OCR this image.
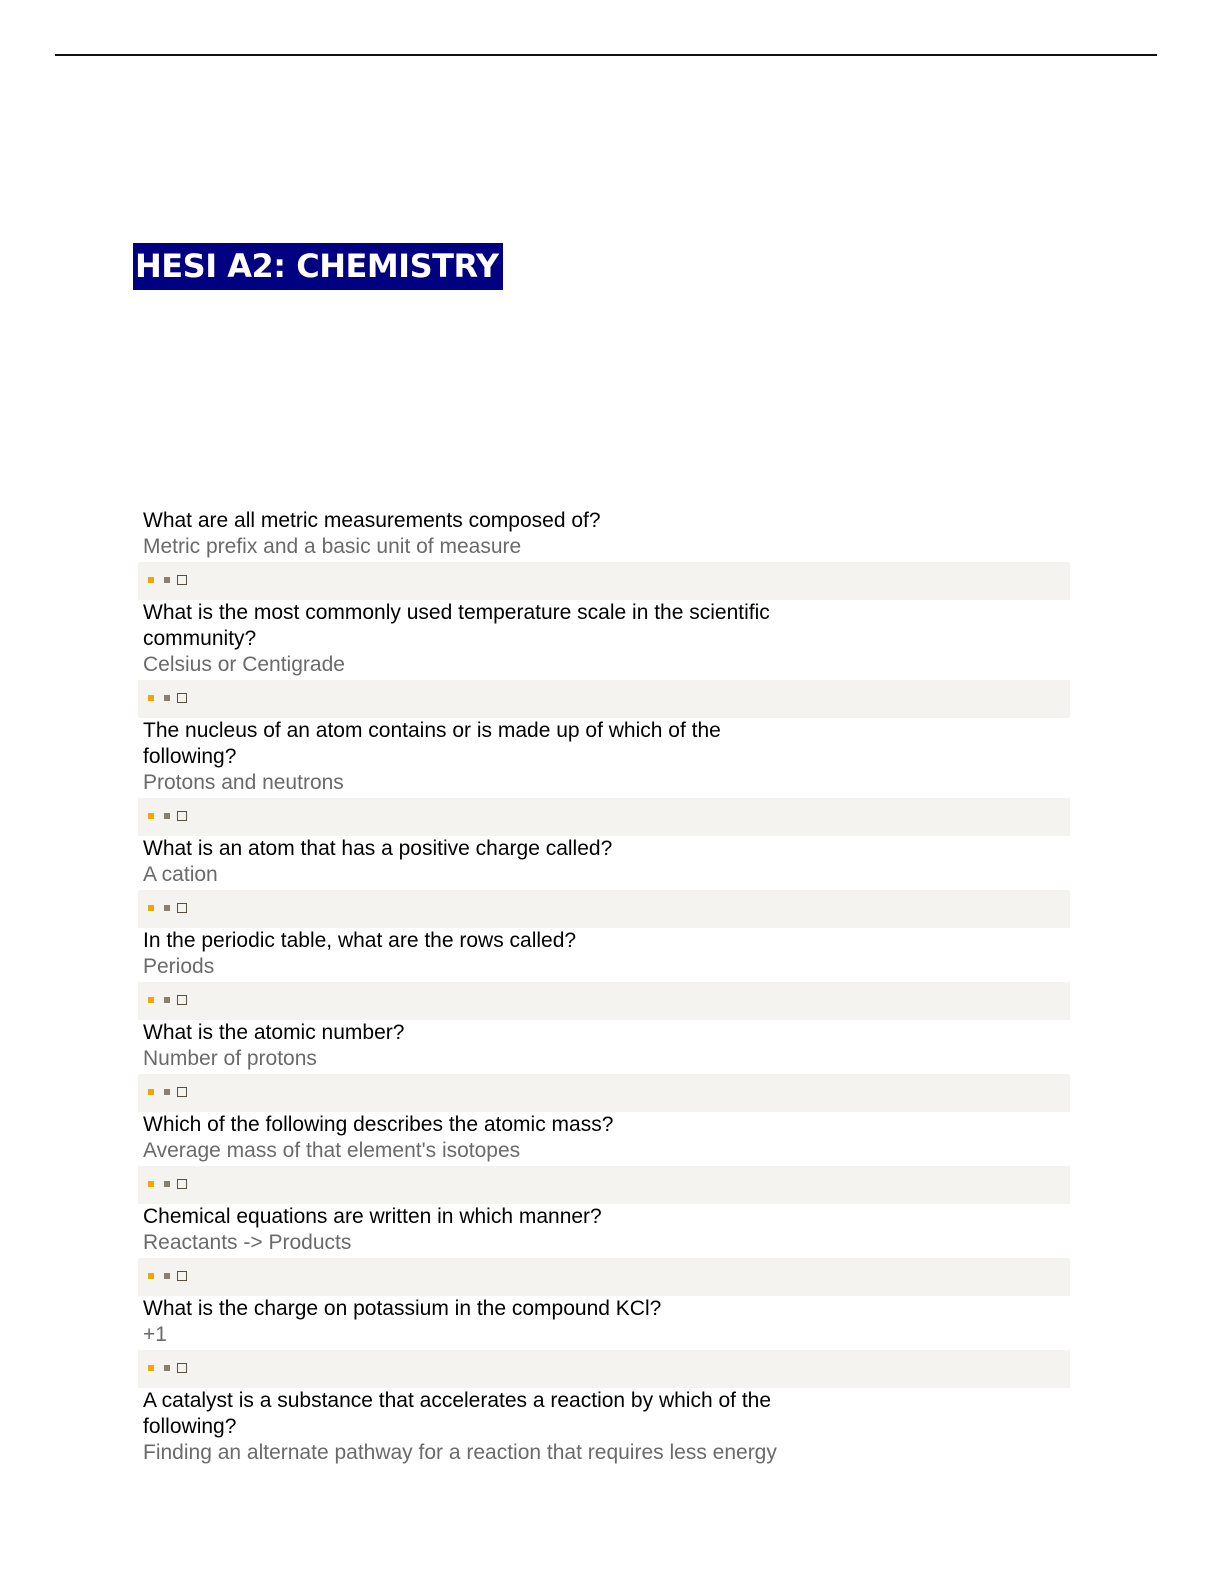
HESI A2: CHEMISTRY
What are all metric measurements composed of?
Metric prefix and a basic unit of measure
What is the most commonly used temperature scale in the scientific community?
Celsius or Centigrade
The nucleus of an atom contains or is made up of which of the following?
Protons and neutrons
What is an atom that has a positive charge called?
A cation
In the periodic table, what are the rows called?
Periods
What is the atomic number?
Number of protons
Which of the following describes the atomic mass?
Average mass of that element's isotopes
Chemical equations are written in which manner?
Reactants -> Products
What is the charge on potassium in the compound KCl?
+1
A catalyst is a substance that accelerates a reaction by which of the following?
Finding an alternate pathway for a reaction that requires less energy
